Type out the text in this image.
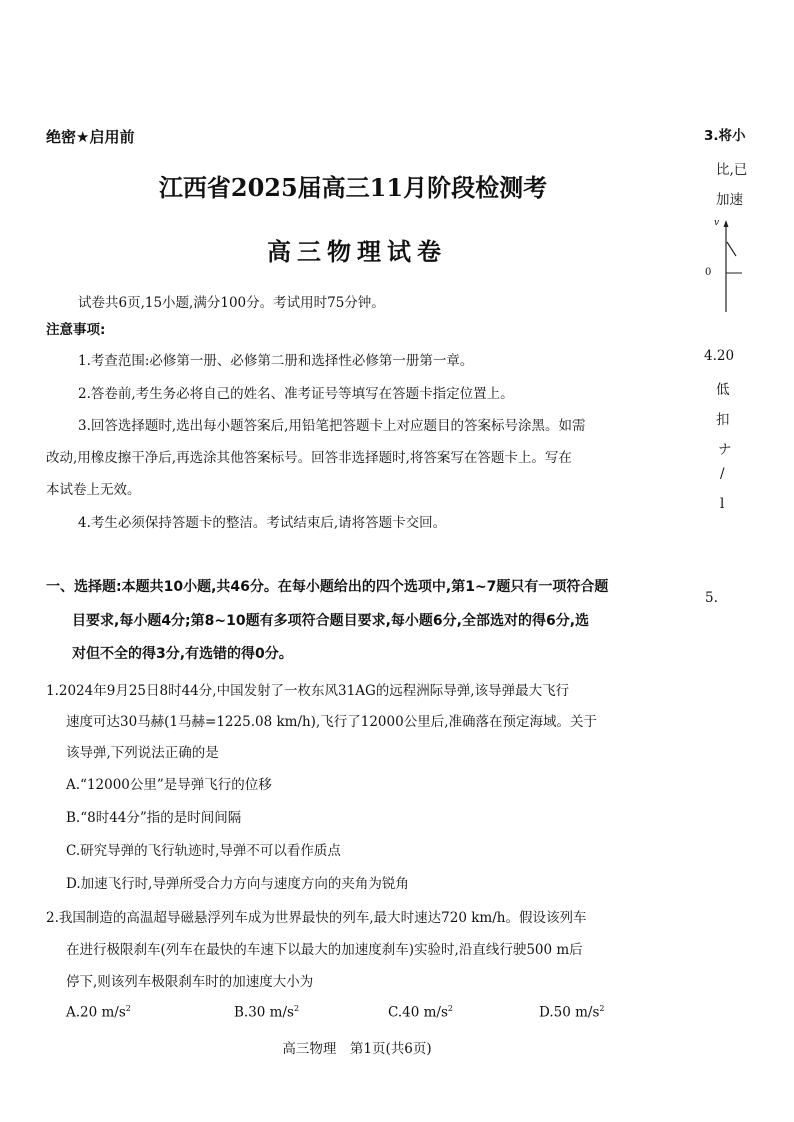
绝密★启用前
江西省2025届高三11月阶段检测考
高三物理试卷
试卷共6页,15小题,满分100分。考试用时75分钟。
注意事项:
1.考查范围:必修第一册、必修第二册和选择性必修第一册第一章。
2.答卷前,考生务必将自己的姓名、准考证号等填写在答题卡指定位置上。
3.回答选择题时,选出每小题答案后,用铅笔把答题卡上对应题目的答案标号涂黑。如需
改动,用橡皮擦干净后,再选涂其他答案标号。回答非选择题时,将答案写在答题卡上。写在
本试卷上无效。
4.考生必须保持答题卡的整洁。考试结束后,请将答题卡交回。
一、选择题:本题共10小题,共46分。在每小题给出的四个选项中,第1~7题只有一项符合题
目要求,每小题4分;第8~10题有多项符合题目要求,每小题6分,全部选对的得6分,选
对但不全的得3分,有选错的得0分。
1.2024年9月25日8时44分,中国发射了一枚东风31AG的远程洲际导弹,该导弹最大飞行
速度可达30马赫(1马赫=1225.08 km/h),飞行了12000公里后,准确落在预定海域。关于
该导弹,下列说法正确的是
A.“12000公里”是导弹飞行的位移
B.“8时44分”指的是时间间隔
C.研究导弹的飞行轨迹时,导弹不可以看作质点
D.加速飞行时,导弹所受合力方向与速度方向的夹角为锐角
2.我国制造的高温超导磁悬浮列车成为世界最快的列车,最大时速达720 km/h。假设该列车
在进行极限刹车(列车在最快的车速下以最大的加速度刹车)实验时,沿直线行驶500 m后
停下,则该列车极限刹车时的加速度大小为
A.20 $m/s^2$	B.30 $m/s^2$	C.40 $m/s^2$	D.50 $m/s^2$
高三物理　第1页(共6页)
3.将小
比,已
加速
v
0
4.20
低
扣
ナ
/
l
5.
